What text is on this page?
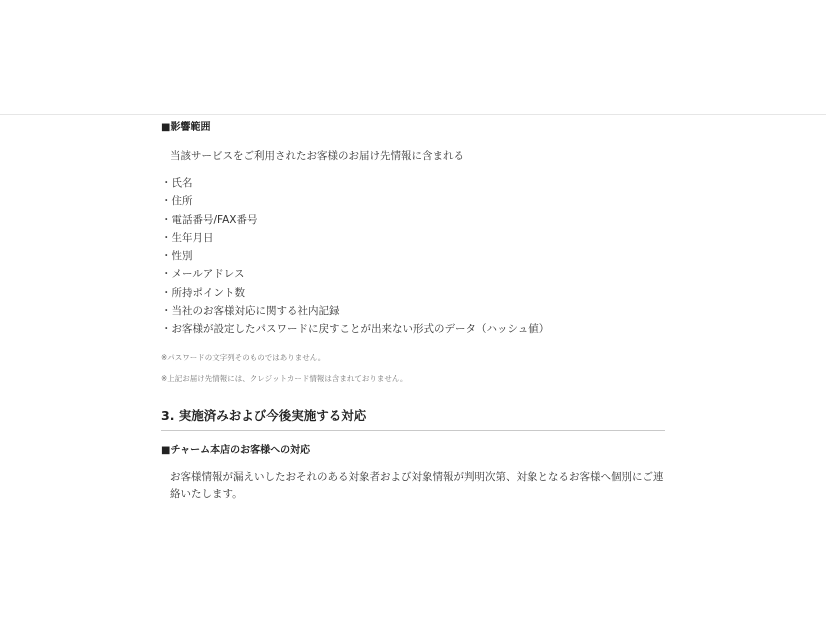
■影響範囲

当該サービスをご利用されたお客様のお届け先情報に含まれる

・氏名
・住所
・電話番号/FAX番号
・生年月日
・性別
・メールアドレス
・所持ポイント数
・当社のお客様対応に関する社内記録
・お客様が設定したパスワードに戻すことが出来ない形式のデータ（ハッシュ値）

※パスワードの文字列そのものではありません。

※上記お届け先情報には、クレジットカード情報は含まれておりません。

3. 実施済みおよび今後実施する対応

■チャーム本店のお客様への対応

お客様情報が漏えいしたおそれのある対象者および対象情報が判明次第、対象となるお客様へ個別にご連絡いたします。
